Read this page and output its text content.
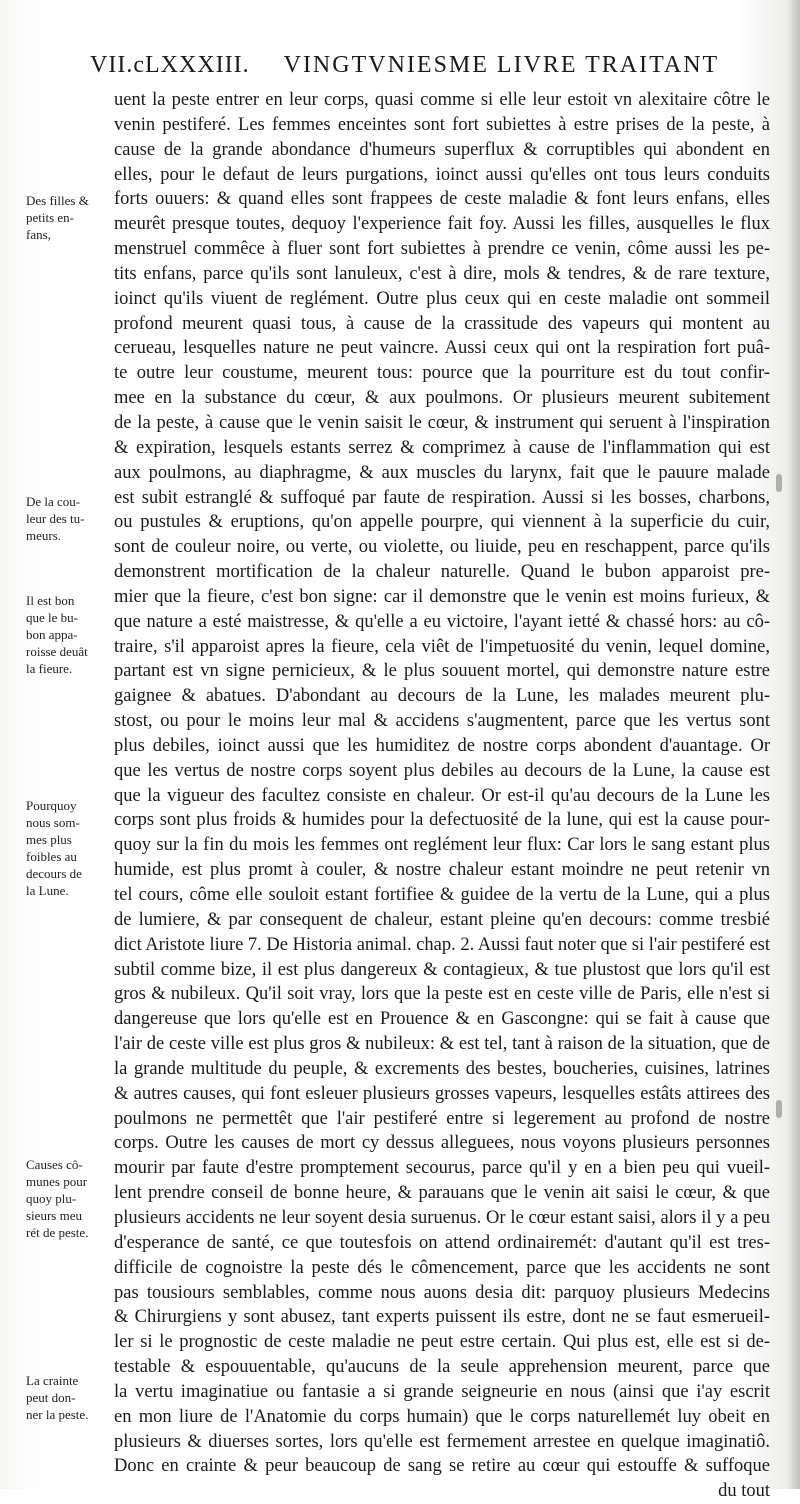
VII.cLXXXIII. VINGTVNIESME LIVRE TRAITANT
Des filles &
petits en-
fans,
De la cou-
leur des tu-
meurs.
Il est bon
que le bu-
bon appa-
roisse deuât
la fieure.
Pourquoy
nous som-
mes plus
foibles au
decours de
la Lune.
Causes cô-
munes pour
quoy plu-
sieurs meu
rét de peste.
La crainte
peut don-
ner la peste.
uent la peste entrer en leur corps, quasi comme si elle leur estoit vn alexitaire côtre le
venin pestiferé. Les femmes enceintes sont fort subiettes à estre prises de la peste, à
cause de la grande abondance d'humeurs superflux & corruptibles qui abondent en
elles, pour le defaut de leurs purgations, ioinct aussi qu'elles ont tous leurs conduits
forts ouuers: & quand elles sont frappees de ceste maladie & font leurs enfans, elles
meurêt presque toutes, dequoy l'experience fait foy. Aussi les filles, ausquelles le flux
menstruel commêce à fluer sont fort subiettes à prendre ce venin, côme aussi les pe-
tits enfans, parce qu'ils sont lanuleux, c'est à dire, mols & tendres, & de rare texture,
ioinct qu'ils viuent de reglément. Outre plus ceux qui en ceste maladie ont sommeil
profond meurent quasi tous, à cause de la crassitude des vapeurs qui montent au
cerueau, lesquelles nature ne peut vaincre. Aussi ceux qui ont la respiration fort puâ-
te outre leur coustume, meurent tous: pource que la pourriture est du tout confir-
mee en la substance du cœur, & aux poulmons. Or plusieurs meurent subitement
de la peste, à cause que le venin saisit le cœur, & instrument qui seruent à l'inspiration
& expiration, lesquels estants serrez & comprimez à cause de l'inflammation qui est
aux poulmons, au diaphragme, & aux muscles du larynx, fait que le pauure malade
est subit estranglé & suffoqué par faute de respiration. Aussi si les bosses, charbons,
ou pustules & eruptions, qu'on appelle pourpre, qui viennent à la superficie du cuir,
sont de couleur noire, ou verte, ou violette, ou liuide, peu en reschappent, parce qu'ils
demonstrent mortification de la chaleur naturelle. Quand le bubon apparoist pre-
mier que la fieure, c'est bon signe: car il demonstre que le venin est moins furieux, &
que nature a esté maistresse, & qu'elle a eu victoire, l'ayant ietté & chassé hors: au cô-
traire, s'il apparoist apres la fieure, cela viêt de l'impetuosité du venin, lequel domine,
partant est vn signe pernicieux, & le plus souuent mortel, qui demonstre nature estre
gaignee & abatues. D'abondant au decours de la Lune, les malades meurent plu-
stost, ou pour le moins leur mal & accidens s'augmentent, parce que les vertus sont
plus debiles, ioinct aussi que les humiditez de nostre corps abondent d'auantage. Or
que les vertus de nostre corps soyent plus debiles au decours de la Lune, la cause est
que la vigueur des facultez consiste en chaleur. Or est-il qu'au decours de la Lune les
corps sont plus froids & humides pour la defectuosité de la lune, qui est la cause pour-
quoy sur la fin du mois les femmes ont reglément leur flux: Car lors le sang estant plus
humide, est plus promt à couler, & nostre chaleur estant moindre ne peut retenir vn
tel cours, côme elle souloit estant fortifiee & guidee de la vertu de la Lune, qui a plus
de lumiere, & par consequent de chaleur, estant pleine qu'en decours: comme tresbié
dict Aristote liure 7. De Historia animal. chap. 2. Aussi faut noter que si l'air pestiferé est
subtil comme bize, il est plus dangereux & contagieux, & tue plustost que lors qu'il est
gros & nubileux. Qu'il soit vray, lors que la peste est en ceste ville de Paris, elle n'est si
dangereuse que lors qu'elle est en Prouence & en Gascongne: qui se fait à cause que
l'air de ceste ville est plus gros & nubileux: & est tel, tant à raison de la situation, que de
la grande multitude du peuple, & excrements des bestes, boucheries, cuisines, latrines
& autres causes, qui font esleuer plusieurs grosses vapeurs, lesquelles estâts attirees des
poulmons ne permettêt que l'air pestiferé entre si legerement au profond de nostre
corps. Outre les causes de mort cy dessus alleguees, nous voyons plusieurs personnes
mourir par faute d'estre promptement secourus, parce qu'il y en a bien peu qui vueil-
lent prendre conseil de bonne heure, & parauans que le venin ait saisi le cœur, & que
plusieurs accidents ne leur soyent desia suruenus. Or le cœur estant saisi, alors il y a peu
d'esperance de santé, ce que toutesfois on attend ordinairemét: d'autant qu'il est tres-
difficile de cognoistre la peste dés le cômencement, parce que les accidents ne sont
pas tousiours semblables, comme nous auons desia dit: parquoy plusieurs Medecins
& Chirurgiens y sont abusez, tant experts puissent ils estre, dont ne se faut esmerueil-
ler si le prognostic de ceste maladie ne peut estre certain. Qui plus est, elle est si de-
testable & espouuentable, qu'aucuns de la seule apprehension meurent, parce que
la vertu imaginatiue ou fantasie a si grande seigneurie en nous (ainsi que i'ay escrit
en mon liure de l'Anatomie du corps humain) que le corps naturellemét luy obeit en
plusieurs & diuerses sortes, lors qu'elle est fermement arrestee en quelque imaginatiô.
Donc en crainte & peur beaucoup de sang se retire au cœur qui estouffe & suffoque
du tout
